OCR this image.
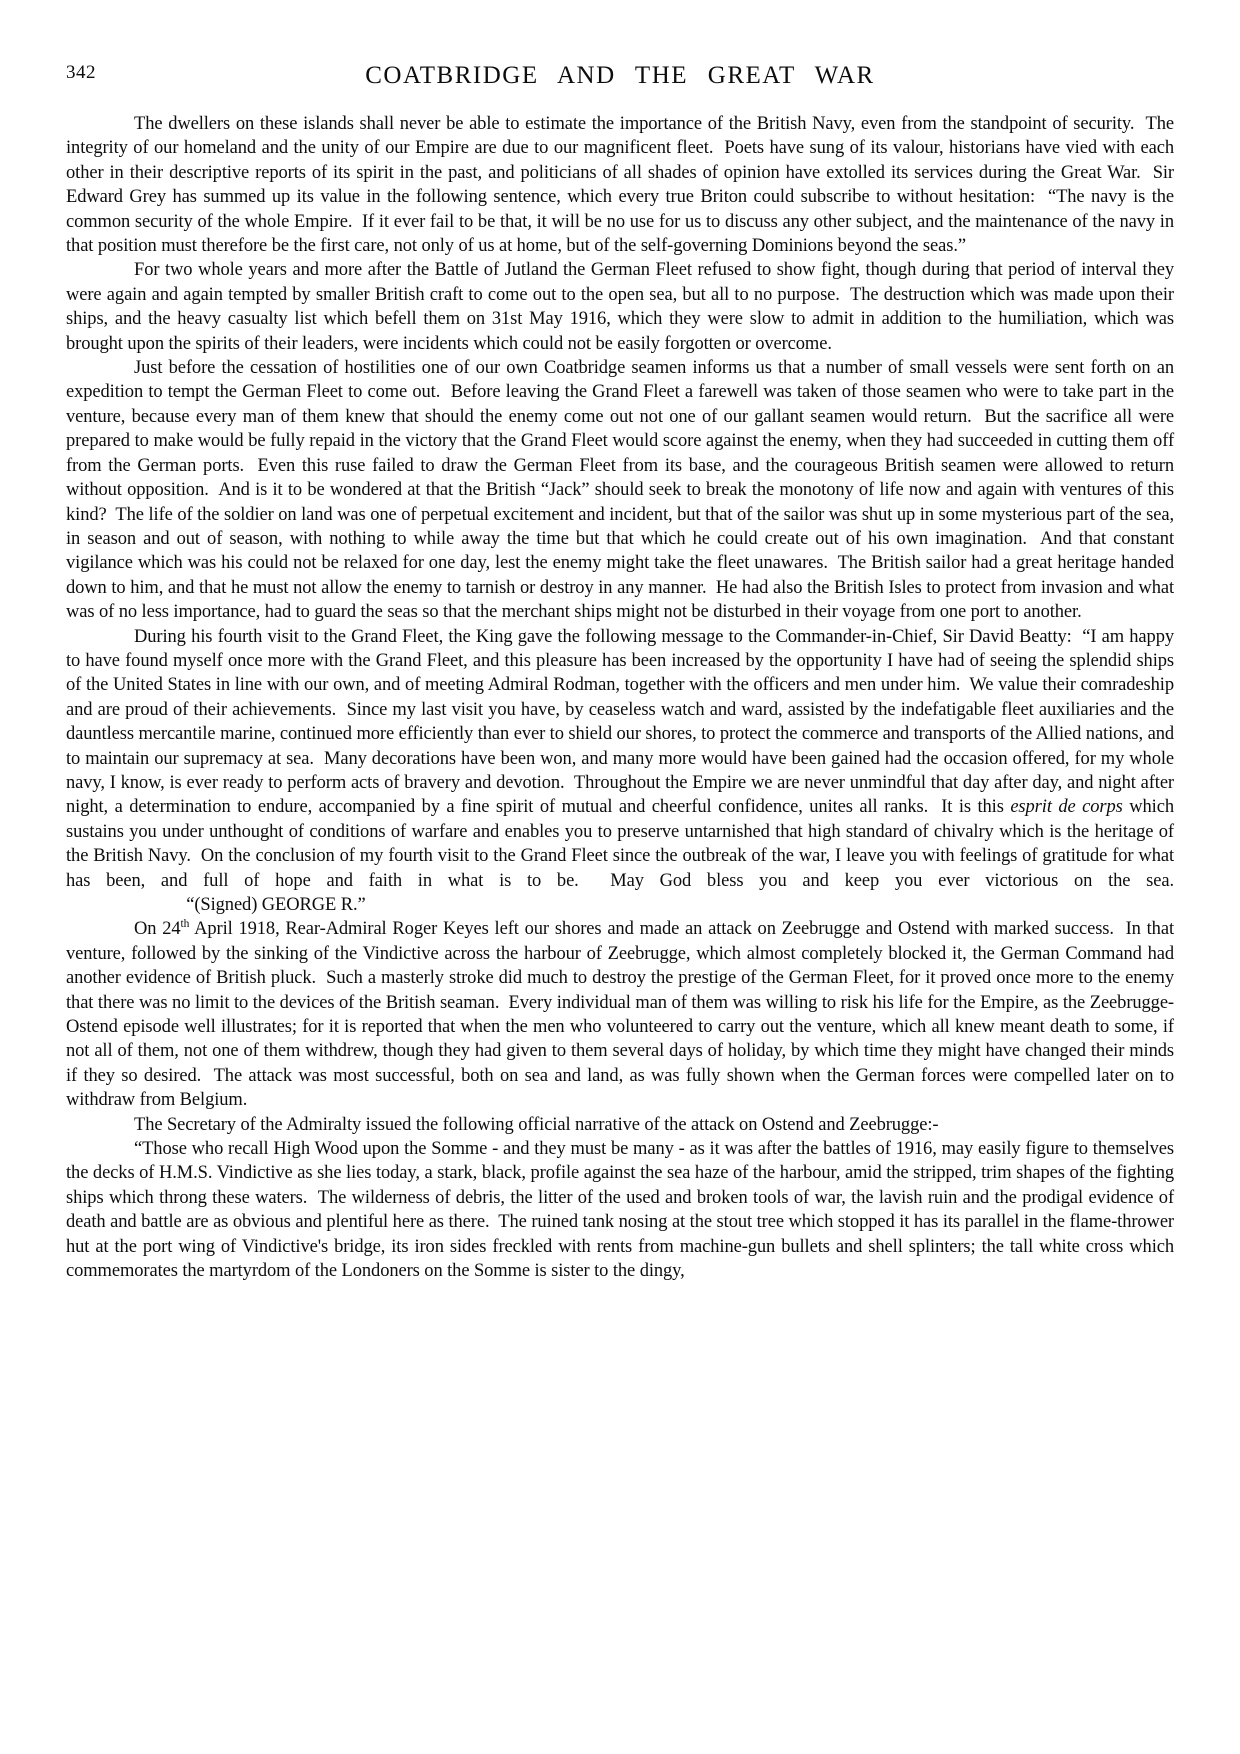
342	COATBRIDGE AND THE GREAT WAR

The dwellers on these islands shall never be able to estimate the importance of the British Navy, even from the standpoint of security.  The integrity of our homeland and the unity of our Empire are due to our magnificent fleet.  Poets have sung of its valour, historians have vied with each other in their descriptive reports of its spirit in the past, and politicians of all shades of opinion have extolled its services during the Great War.  Sir Edward Grey has summed up its value in the following sentence, which every true Briton could subscribe to without hesitation:  “The navy is the common security of the whole Empire.  If it ever fail to be that, it will be no use for us to discuss any other subject, and the maintenance of the navy in that position must therefore be the first care, not only of us at home, but of the self-governing Dominions beyond the seas.”

For two whole years and more after the Battle of Jutland the German Fleet refused to show fight, though during that period of interval they were again and again tempted by smaller British craft to come out to the open sea, but all to no purpose.  The destruction which was made upon their ships, and the heavy casualty list which befell them on 31st May 1916, which they were slow to admit in addition to the humiliation, which was brought upon the spirits of their leaders, were incidents which could not be easily forgotten or overcome.

Just before the cessation of hostilities one of our own Coatbridge seamen informs us that a number of small vessels were sent forth on an expedition to tempt the German Fleet to come out.  Before leaving the Grand Fleet a farewell was taken of those seamen who were to take part in the venture, because every man of them knew that should the enemy come out not one of our gallant seamen would return.  But the sacrifice all were prepared to make would be fully repaid in the victory that the Grand Fleet would score against the enemy, when they had succeeded in cutting them off from the German ports.  Even this ruse failed to draw the German Fleet from its base, and the courageous British seamen were allowed to return without opposition.  And is it to be wondered at that the British “Jack” should seek to break the monotony of life now and again with ventures of this kind?  The life of the soldier on land was one of perpetual excitement and incident, but that of the sailor was shut up in some mysterious part of the sea, in season and out of season, with nothing to while away the time but that which he could create out of his own imagination.  And that constant vigilance which was his could not be relaxed for one day, lest the enemy might take the fleet unawares.  The British sailor had a great heritage handed down to him, and that he must not allow the enemy to tarnish or destroy in any manner.  He had also the British Isles to protect from invasion and what was of no less importance, had to guard the seas so that the merchant ships might not be disturbed in their voyage from one port to another.

During his fourth visit to the Grand Fleet, the King gave the following message to the Commander-in-Chief, Sir David Beatty:  “I am happy to have found myself once more with the Grand Fleet, and this pleasure has been increased by the opportunity I have had of seeing the splendid ships of the United States in line with our own, and of meeting Admiral Rodman, together with the officers and men under him.  We value their comradeship and are proud of their achievements.  Since my last visit you have, by ceaseless watch and ward, assisted by the indefatigable fleet auxiliaries and the dauntless mercantile marine, continued more efficiently than ever to shield our shores, to protect the commerce and transports of the Allied nations, and to maintain our supremacy at sea.  Many decorations have been won, and many more would have been gained had the occasion offered, for my whole navy, I know, is ever ready to perform acts of bravery and devotion.  Throughout the Empire we are never unmindful that day after day, and night after night, a determination to endure, accompanied by a fine spirit of mutual and cheerful confidence, unites all ranks.  It is this esprit de corps which sustains you under unthought of conditions of warfare and enables you to preserve untarnished that high standard of chivalry which is the heritage of the British Navy.  On the conclusion of my fourth visit to the Grand Fleet since the outbreak of the war, I leave you with feelings of gratitude for what has been, and full of hope and faith in what is to be.  May God bless you and keep you ever victorious on the sea.“(Signed) GEORGE R.”

On 24th April 1918, Rear-Admiral Roger Keyes left our shores and made an attack on Zeebrugge and Ostend with marked success.  In that venture, followed by the sinking of the Vindictive across the harbour of Zeebrugge, which almost completely blocked it, the German Command had another evidence of British pluck.  Such a masterly stroke did much to destroy the prestige of the German Fleet, for it proved once more to the enemy that there was no limit to the devices of the British seaman.  Every individual man of them was willing to risk his life for the Empire, as the Zeebrugge-Ostend episode well illustrates; for it is reported that when the men who volunteered to carry out the venture, which all knew meant death to some, if not all of them, not one of them withdrew, though they had given to them several days of holiday, by which time they might have changed their minds if they so desired.  The attack was most successful, both on sea and land, as was fully shown when the German forces were compelled later on to withdraw from Belgium.

The Secretary of the Admiralty issued the following official narrative of the attack on Ostend and Zeebrugge:-

“Those who recall High Wood upon the Somme - and they must be many - as it was after the battles of 1916, may easily figure to themselves the decks of H.M.S. Vindictive as she lies today, a stark, black, profile against the sea haze of the harbour, amid the stripped, trim shapes of the fighting ships which throng these waters.  The wilderness of debris, the litter of the used and broken tools of war, the lavish ruin and the prodigal evidence of death and battle are as obvious and plentiful here as there.  The ruined tank nosing at the stout tree which stopped it has its parallel in the flame-thrower hut at the port wing of Vindictive's bridge, its iron sides freckled with rents from machine-gun bullets and shell splinters; the tall white cross which commemorates the martyrdom of the Londoners on the Somme is sister to the dingy,
